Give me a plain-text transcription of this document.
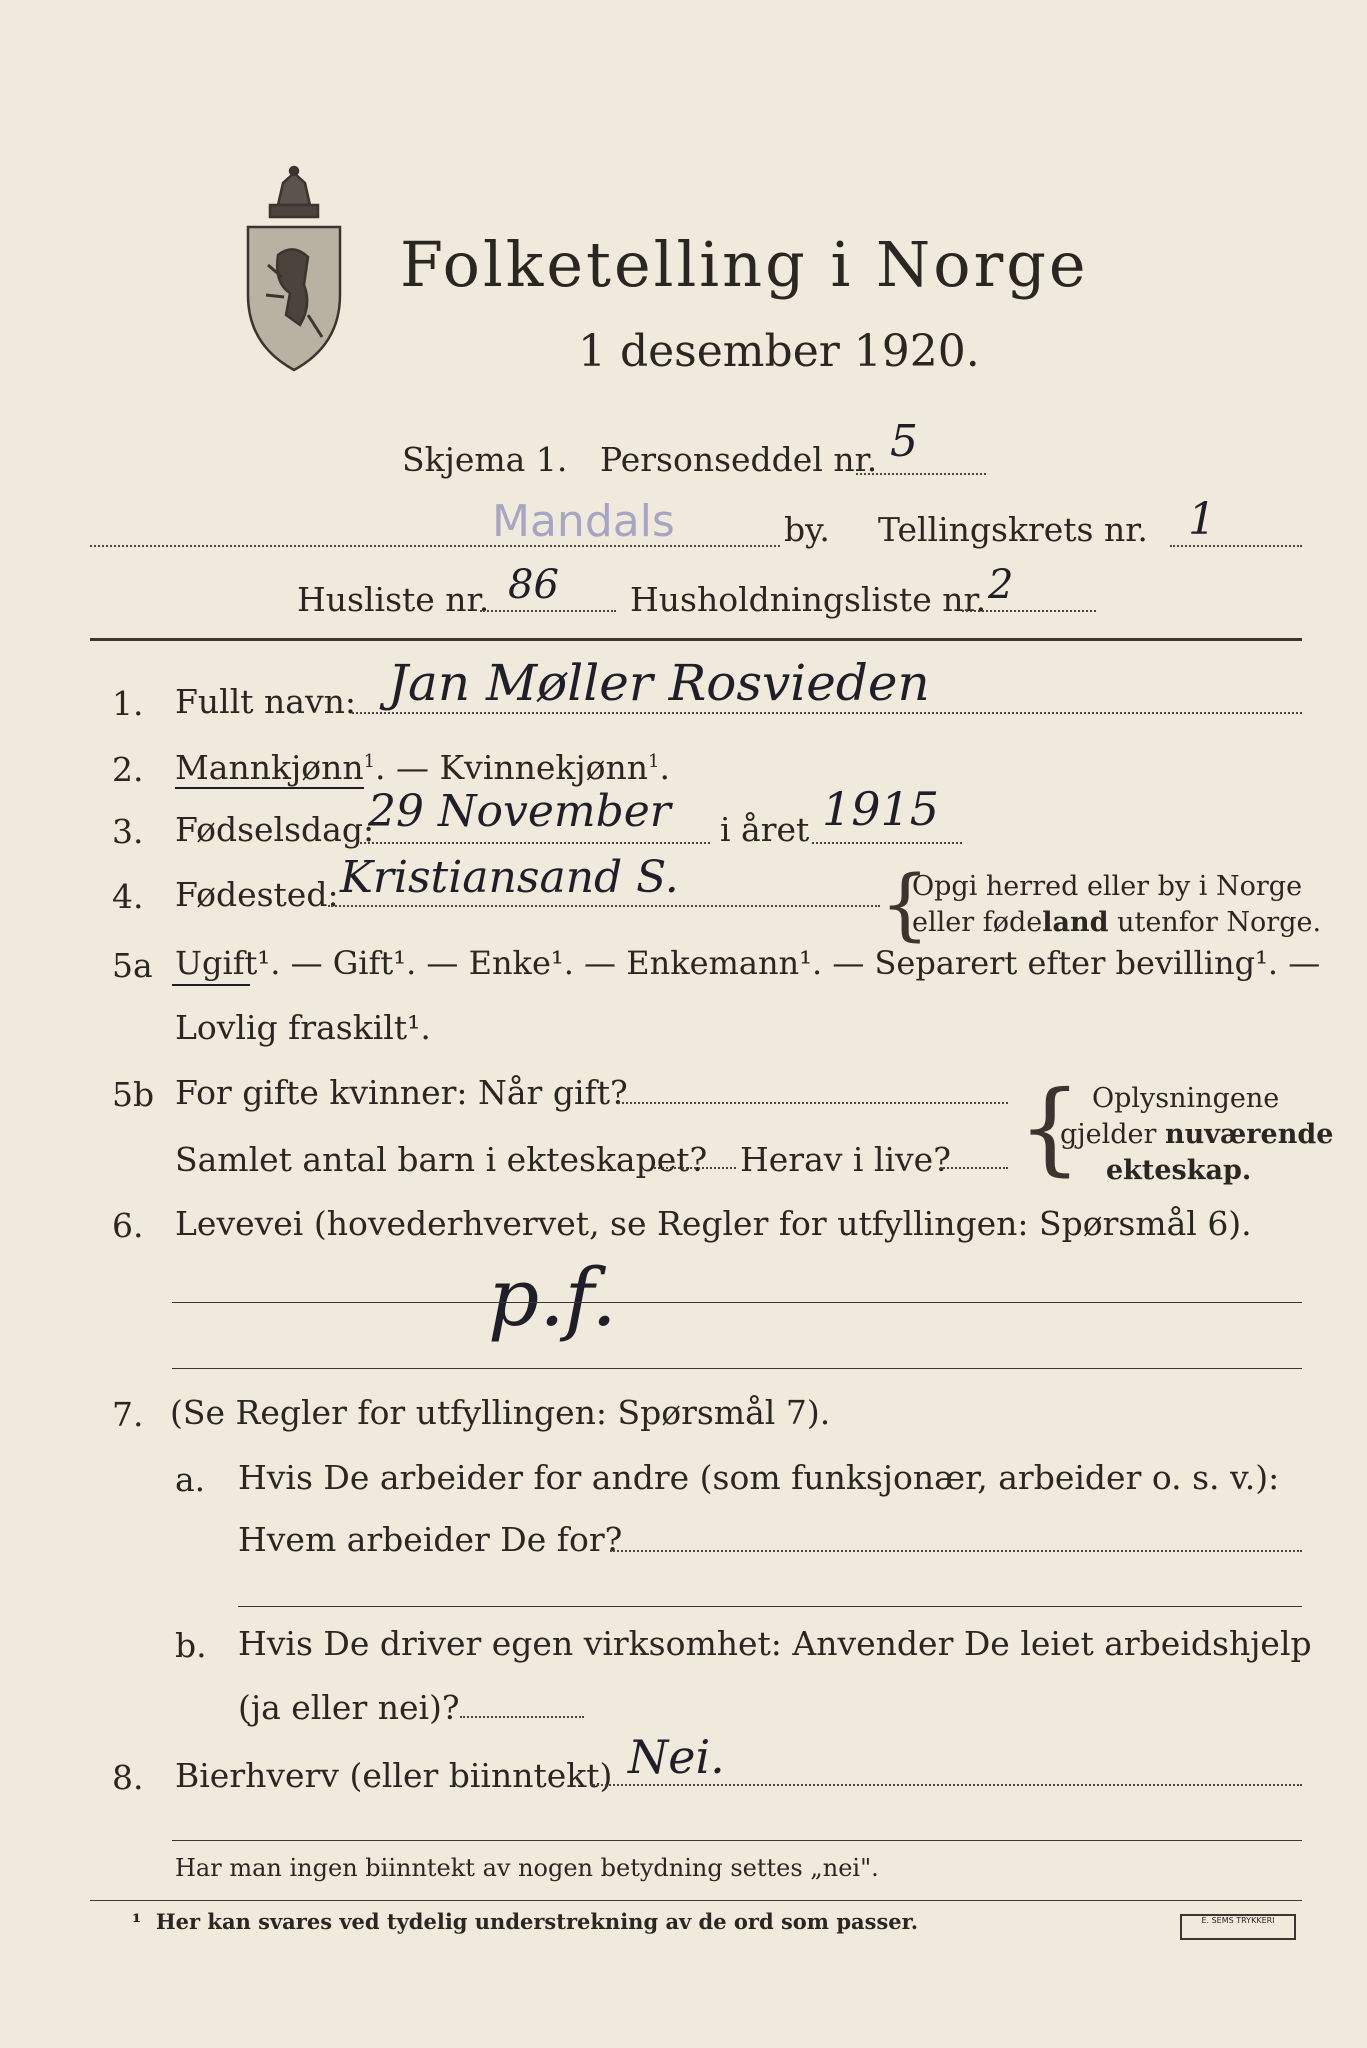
Folketelling i Norge
1 desember 1920.
Skjema 1. Personseddel nr. 5
Mandals	by. Tellingskrets nr. 1
Husliste nr. 86 Husholdningsliste nr. 2
1. Fullt navn: Jan Møller Rosvieden
2. Mannkjønn$^1$. — Kvinnekjønn$^1$.
3. Fødselsdag:
29 November i året 1915
4. Fødested: Kristiansand S.	{
Opgi herred eller by i Norge
eller fødeland utenfor Norge.
5a Ugift¹. — Gift¹. — Enke¹. — Enkemann¹. — Separert efter bevilling¹. —
Lovlig fraskilt¹.
5b For gifte kvinner: Når gift?
Samlet antal barn i ekteskapet? Herav i live? { Oplysningene
gjelder nuværende
ekteskap.
6. Levevei (hovederhvervet, se Regler for utfyllingen: Spørsmål 6).
p.f.
7. (Se Regler for utfyllingen: Spørsmål 7).
a. Hvis De arbeider for andre (som funksjonær, arbeider o. s. v.):
Hvem arbeider De for?
b. Hvis De driver egen virksomhet: Anvender De leiet arbeidshjelp
(ja eller nei)?
8. Bierhverv (eller biinntekt) Nei.
Har man ingen biinntekt av nogen betydning settes „nei".
¹ Her kan svares ved tydelig understrekning av de ord som passer.	E. SEMS TRYKKERI
